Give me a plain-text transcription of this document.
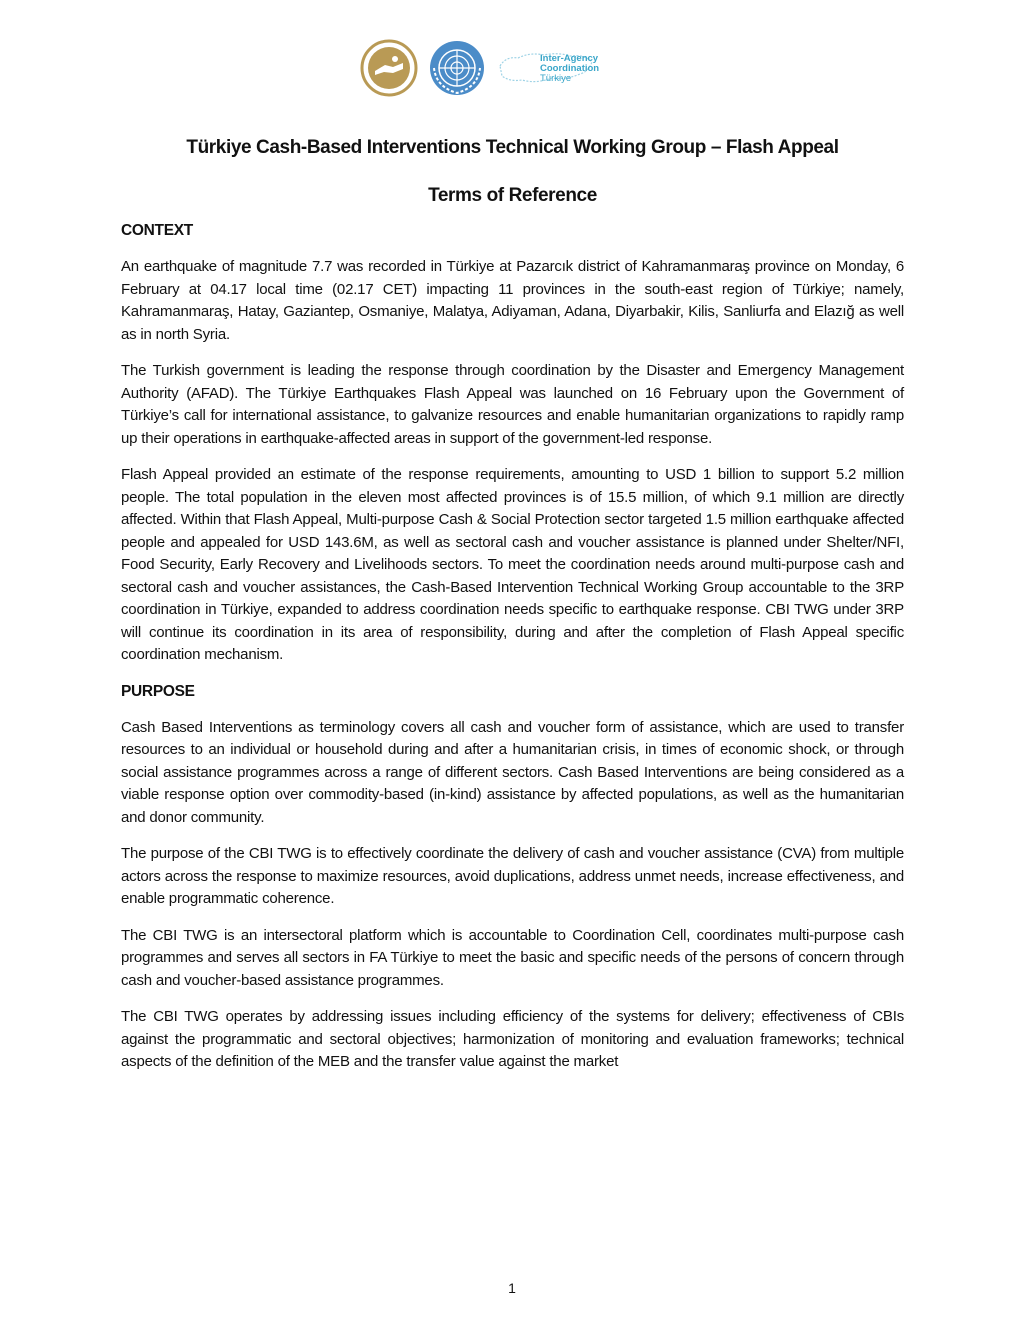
Inter-Agency
Coordination
Türkiye
Türkiye Cash-Based Interventions Technical Working Group – Flash Appeal
Terms of Reference
CONTEXT

An earthquake of magnitude 7.7 was recorded in Türkiye at Pazarcık district of Kahramanmaraş province on Monday, 6 February at 04.17 local time (02.17 CET) impacting 11 provinces in the south-east region of Türkiye; namely, Kahramanmaraş, Hatay, Gaziantep, Osmaniye, Malatya, Adiyaman, Adana, Diyarbakir, Kilis, Sanliurfa and Elazığ as well as in north Syria.

The Turkish government is leading the response through coordination by the Disaster and Emergency Management Authority (AFAD). The Türkiye Earthquakes Flash Appeal was launched on 16 February upon the Government of Türkiye’s call for international assistance, to galvanize resources and enable humanitarian organizations to rapidly ramp up their operations in earthquake-affected areas in support of the government-led response.

Flash Appeal provided an estimate of the response requirements, amounting to USD 1 billion to support 5.2 million people. The total population in the eleven most affected provinces is of 15.5 million, of which 9.1 million are directly affected. Within that Flash Appeal, Multi-purpose Cash & Social Protection sector targeted 1.5 million earthquake affected people and appealed for USD 143.6M, as well as sectoral cash and voucher assistance is planned under Shelter/NFI, Food Security, Early Recovery and Livelihoods sectors. To meet the coordination needs around multi-purpose cash and sectoral cash and voucher assistances, the Cash-Based Intervention Technical Working Group accountable to the 3RP coordination in Türkiye, expanded to address coordination needs specific to earthquake response. CBI TWG under 3RP will continue its coordination in its area of responsibility, during and after the completion of Flash Appeal specific coordination mechanism.

PURPOSE

Cash Based Interventions as terminology covers all cash and voucher form of assistance, which are used to transfer resources to an individual or household during and after a humanitarian crisis, in times of economic shock, or through social assistance programmes across a range of different sectors. Cash Based Interventions are being considered as a viable response option over commodity-based (in-kind) assistance by affected populations, as well as the humanitarian and donor community.

The purpose of the CBI TWG is to effectively coordinate the delivery of cash and voucher assistance (CVA) from multiple actors across the response to maximize resources, avoid duplications, address unmet needs, increase effectiveness, and enable programmatic coherence.

The CBI TWG is an intersectoral platform which is accountable to Coordination Cell, coordinates multi-purpose cash programmes and serves all sectors in FA Türkiye to meet the basic and specific needs of the persons of concern through cash and voucher-based assistance programmes.

The CBI TWG operates by addressing issues including efficiency of the systems for delivery; effectiveness of CBIs against the programmatic and sectoral objectives; harmonization of monitoring and evaluation frameworks; technical aspects of the definition of the MEB and the transfer value against the market

1
